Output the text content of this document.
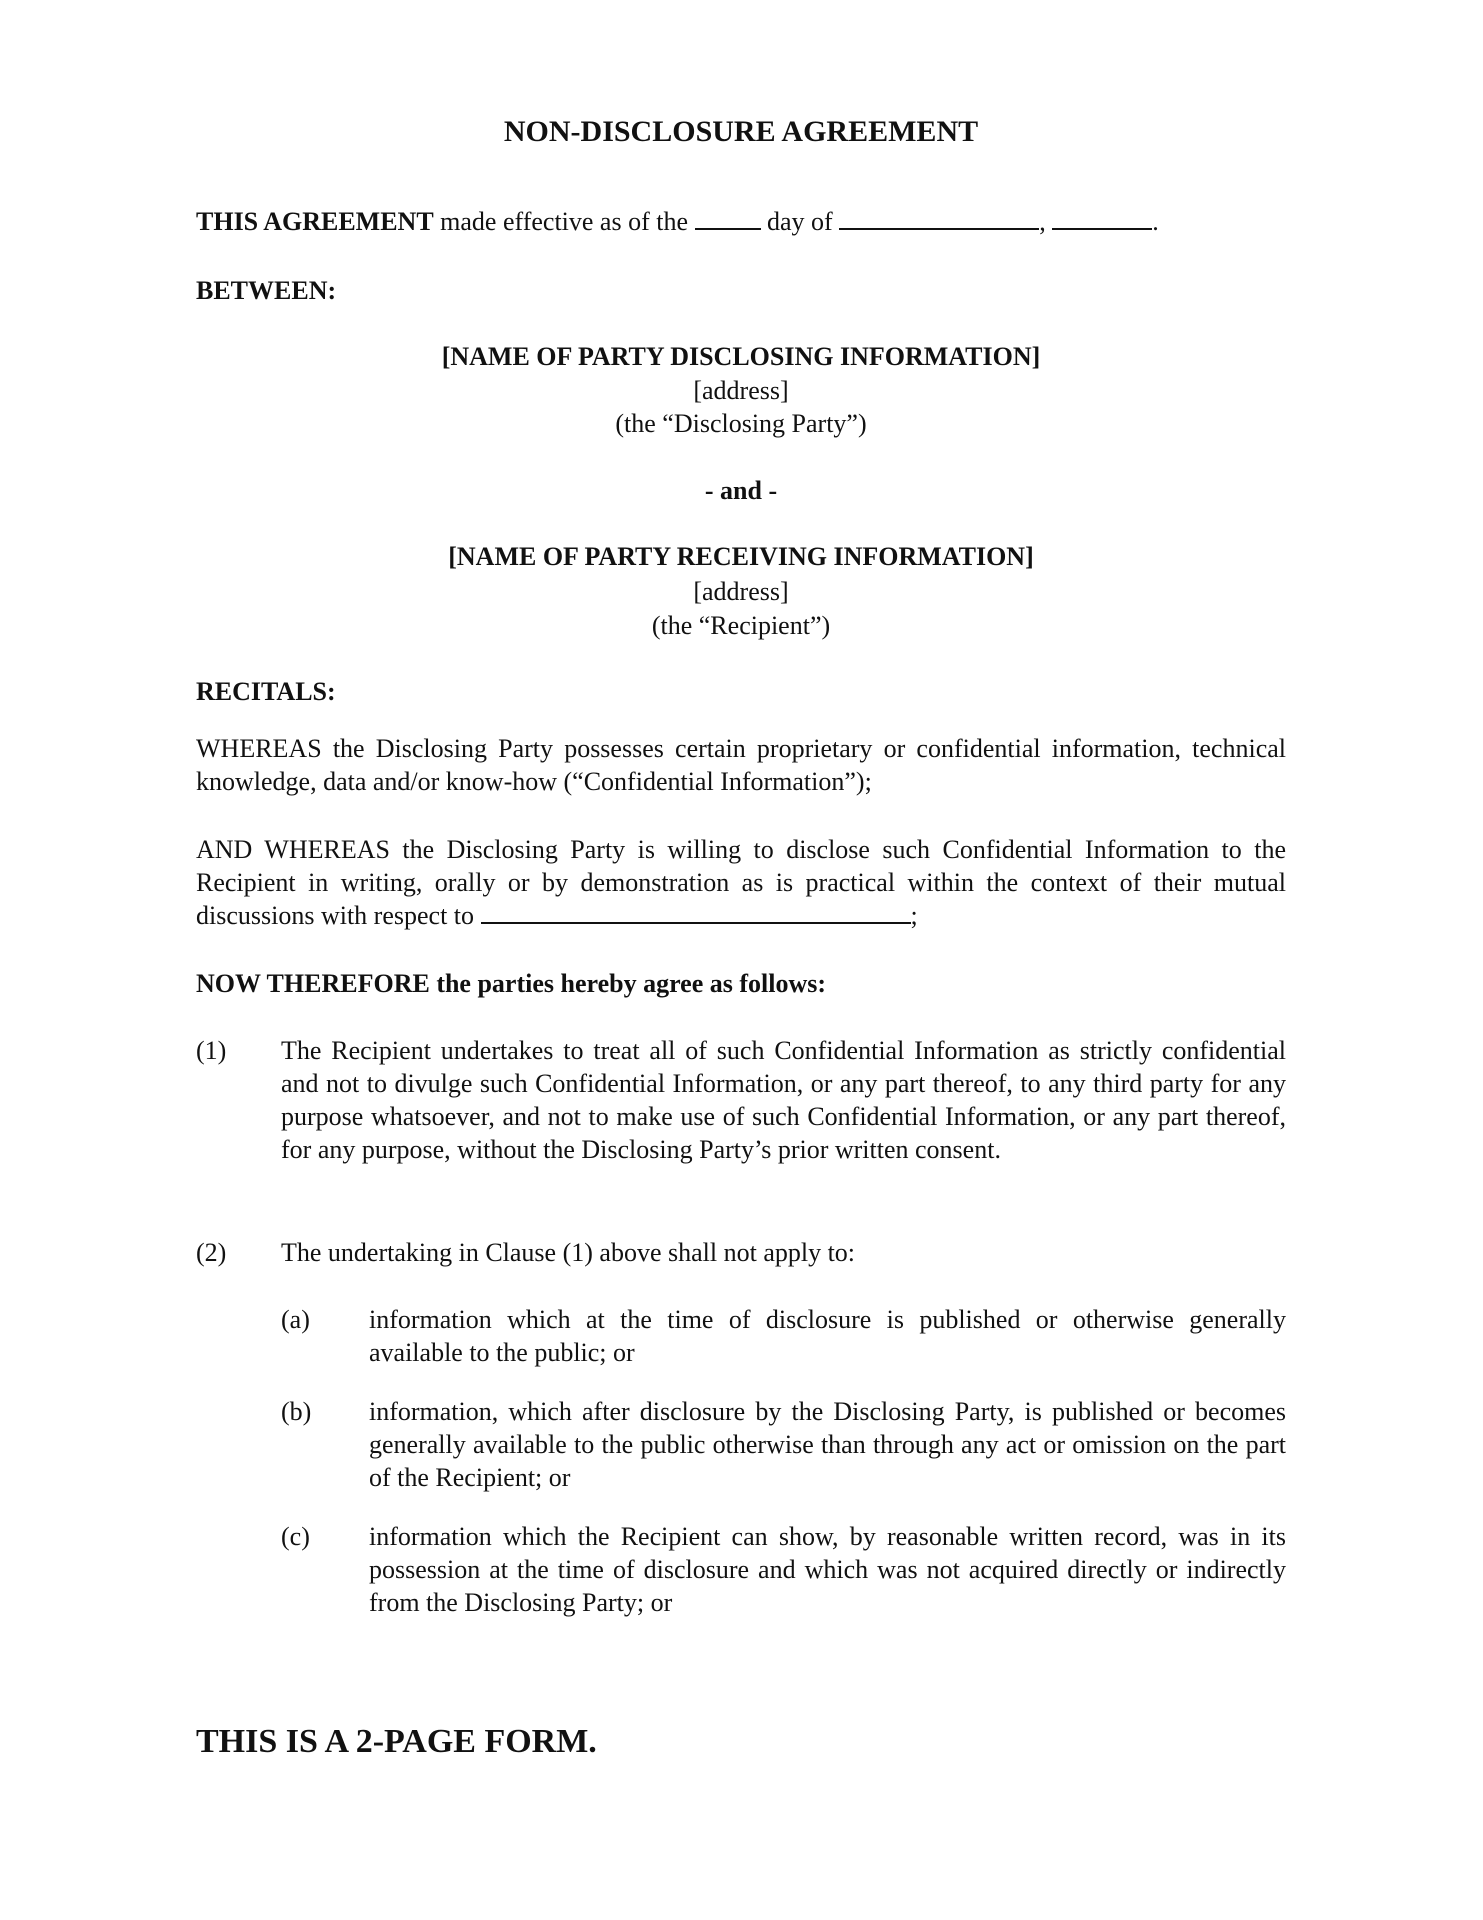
NON-DISCLOSURE AGREEMENT
THIS AGREEMENT made effective as of the	day of	,	.
BETWEEN:
[NAME OF PARTY DISCLOSING INFORMATION]
[address]
(the “Disclosing Party”)
- and -
[NAME OF PARTY RECEIVING INFORMATION]
[address]
(the “Recipient”)
RECITALS:
WHEREAS the Disclosing Party possesses certain proprietary or confidential information, technical knowledge, data and/or know-how (“Confidential Information”);
AND WHEREAS the Disclosing Party is willing to disclose such Confidential Information to the Recipient in writing, orally or by demonstration as is practical within the context of their mutual discussions with respect to	;
NOW THEREFORE the parties hereby agree as follows:
(1) The Recipient undertakes to treat all of such Confidential Information as strictly confidential and not to divulge such Confidential Information, or any part thereof, to any third party for any purpose whatsoever, and not to make use of such Confidential Information, or any part thereof, for any purpose, without the Disclosing Party’s prior written consent.
(2) The undertaking in Clause (1) above shall not apply to:
(a) information which at the time of disclosure is published or otherwise generally available to the public; or
(b) information, which after disclosure by the Disclosing Party, is published or becomes generally available to the public otherwise than through any act or omission on the part of the Recipient; or
(c) information which the Recipient can show, by reasonable written record, was in its possession at the time of disclosure and which was not acquired directly or indirectly from the Disclosing Party; or
THIS IS A 2-PAGE FORM.
